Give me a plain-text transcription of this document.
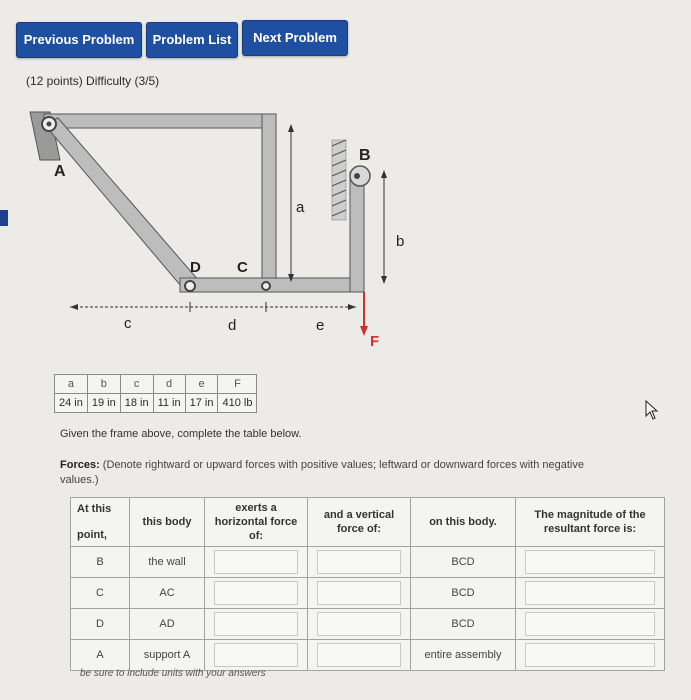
Previous Problem	Problem List	Next Problem
(12 points) Difficulty (3/5)
A
B
C
D
a
b
c	d	e
F
a	b	c	d	e	F
24 in	19 in	18 in	11 in	17 in	410 lb
Given the frame above, complete the table below.
Forces: (Denote rightward or upward forces with positive values; leftward or downward forces with negative values.)
At this
point,	this body	exerts a horizontal force of:	and a vertical force of:	on this body.	The magnitude of the resultant force is:
B	the wall			BCD	

C	AC			BCD	

D	AD			BCD	

A	support A			entire assembly	
be sure to include units with your answers
